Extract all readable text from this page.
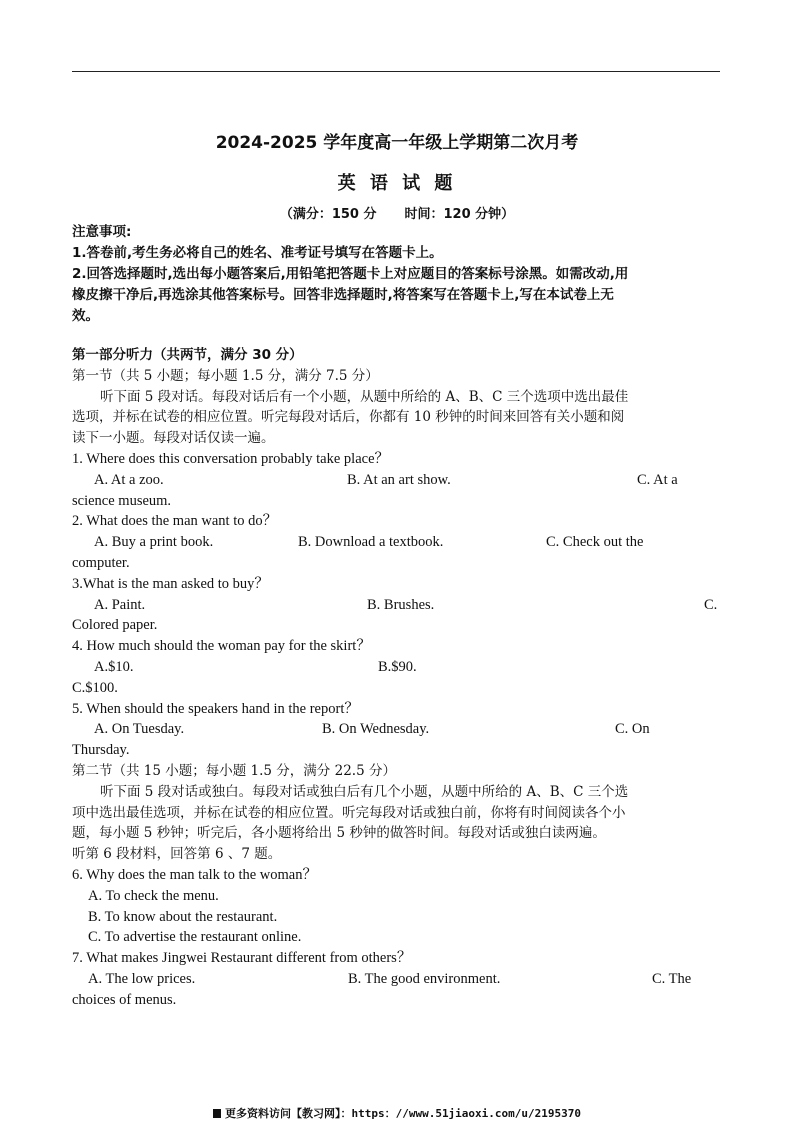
2024-2025 学年度高一年级上学期第二次月考
英 语 试 题
（满分：150 分 时间：120 分钟）
注意事项:
1.答卷前,考生务必将自己的姓名、准考证号填写在答题卡上。
2.回答选择题时,选出每小题答案后,用铅笔把答题卡上对应题目的答案标号涂黑。如需改动,用
橡皮擦干净后,再选涂其他答案标号。回答非选择题时,将答案写在答题卡上,写在本试卷上无
效。
第一部分听力（共两节，满分 30 分）
第一节（共 5 小题；每小题 1.5 分，满分 7.5 分）
听下面 5 段对话。每段对话后有一个小题，从题中所给的 A、B、C 三个选项中选出最佳
选项，并标在试卷的相应位置。听完每段对话后，你都有 10 秒钟的时间来回答有关小题和阅
读下一小题。每段对话仅读一遍。
1. Where does this conversation probably take place？
A. At a zoo.	B. At an art show.	C. At a
science museum.
2. What does the man want to do？
A. Buy a print book.	B. Download a textbook.	C. Check out the
computer.
3.What is the man asked to buy？
A. Paint.	B. Brushes.	C.
Colored paper.
4. How much should the woman pay for the skirt？
A.$10.	B.$90.
C.$100.
5. When should the speakers hand in the report？
A. On Tuesday.	B. On Wednesday.	C. On
Thursday.
第二节（共 15 小题；每小题 1.5 分，满分 22.5 分）
听下面 5 段对话或独白。每段对话或独白后有几个小题，从题中所给的 A、B、C 三个选
项中选出最佳选项，并标在试卷的相应位置。听完每段对话或独白前，你将有时间阅读各个小
题，每小题 5 秒钟；听完后，各小题将给出 5 秒钟的做答时间。每段对话或独白读两遍。
听第 6 段材料，回答第 6 、7 题。
6. Why does the man talk to the woman？
A. To check the menu.
B. To know about the restaurant.
C. To advertise the restaurant online.
7. What makes Jingwei Restaurant different from others？
A. The low prices.	B. The good environment.	C. The
choices of menus.
更多资料访问【教习网】：https：//www.51jiaoxi.com/u/2195370
